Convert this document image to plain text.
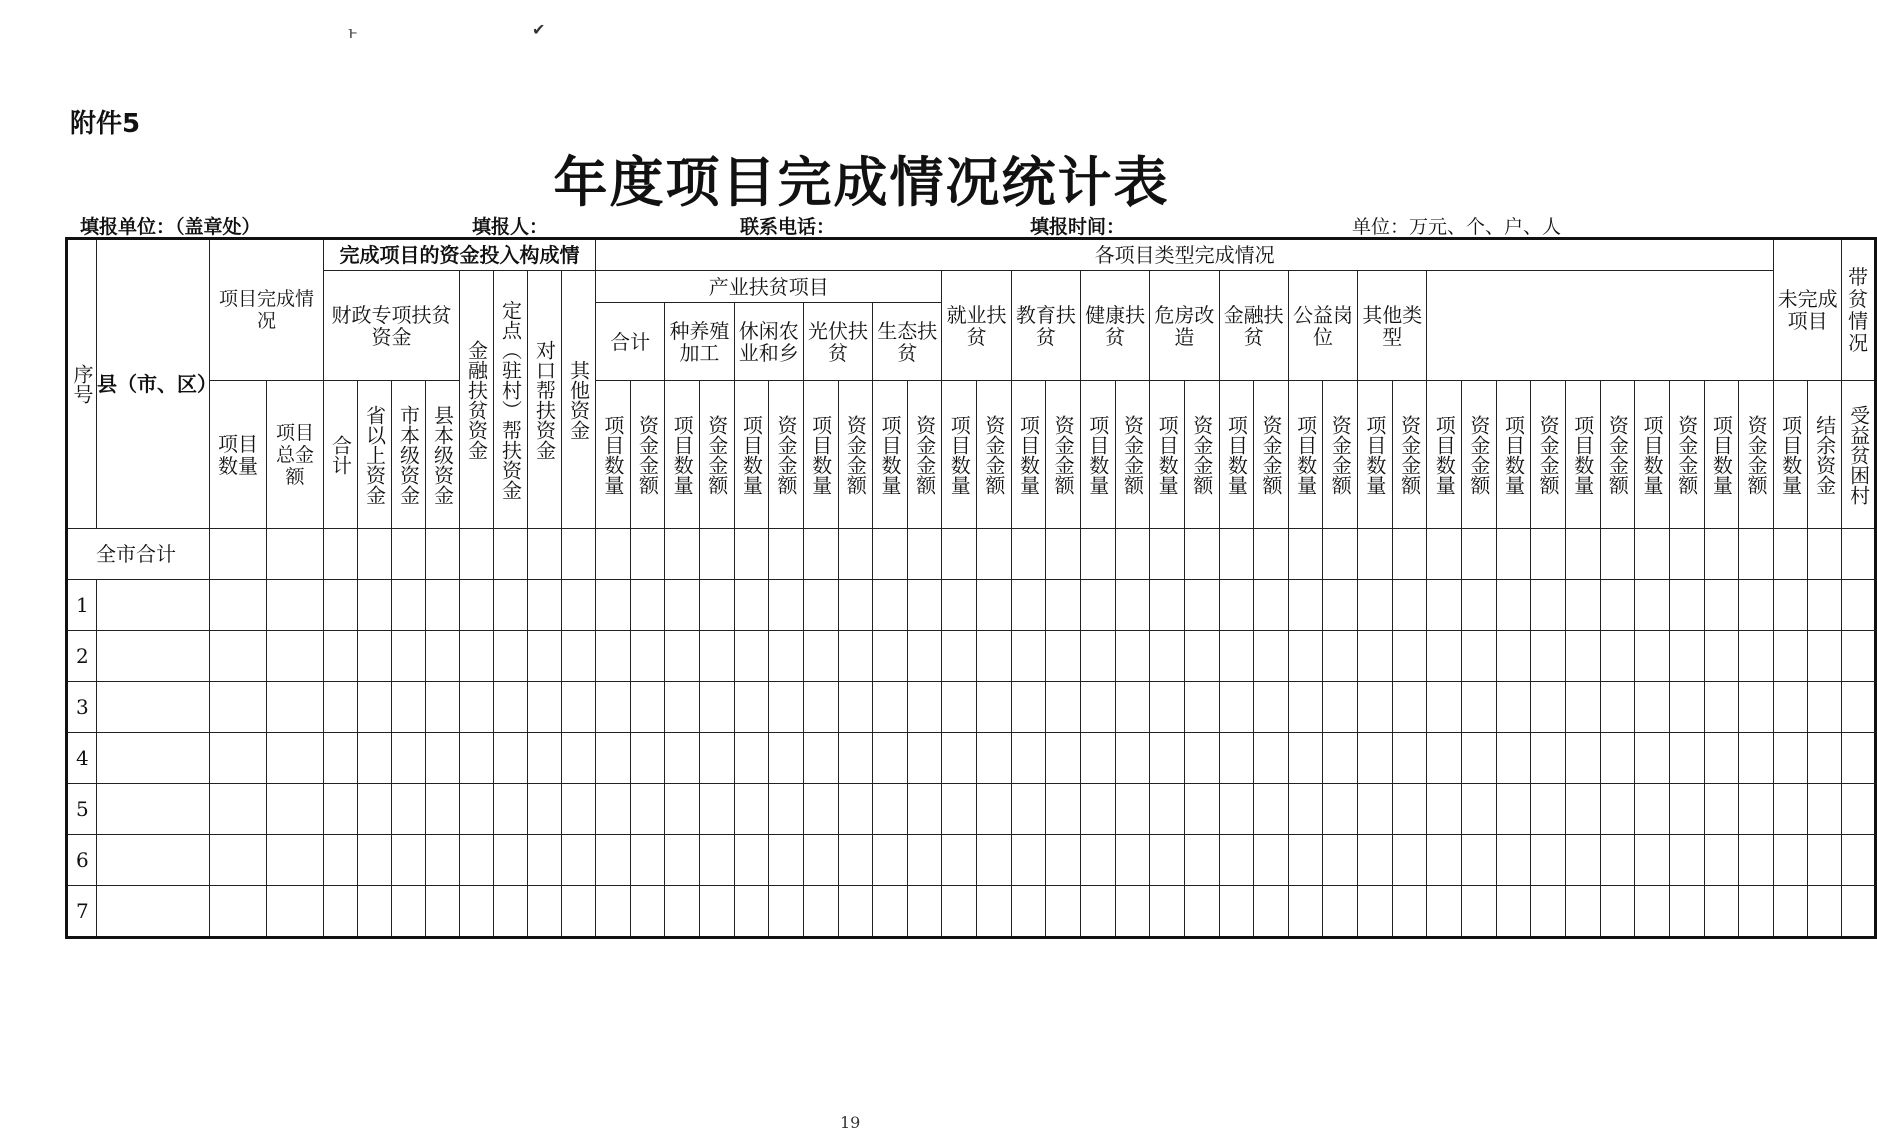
附件5
年度项目完成情况统计表
填报单位：（盖章处）	填报人：	联系电话：	填报时间：	单位：万元、个、户、人
序号	县（市、区）	项目完成情况		完成项目的资金投入构成情								各项目类型完成情况																																		未完成项目		带贫情况	
				财政专项扶贫资金				金融扶贫资金	定点（驻村）帮扶资金	对口帮扶资金	其他资金	产业扶贫项目										就业扶贫		教育扶贫		健康扶贫		危房改造		金融扶贫		公益岗位		其他类型															
												合计		种养殖加工		休闲农业和乡		光伏扶贫		生态扶贫																													
		项目数量	项目总金额	合计	省以上资金	市本级资金	县本级资金					项目数量	资金金额	项目数量	资金金额	项目数量	资金金额	项目数量	资金金额	项目数量	资金金额	项目数量	资金金额	项目数量	资金金额	项目数量	资金金额	项目数量	资金金额	项目数量	资金金额	项目数量	资金金额	项目数量	资金金额	项目数量	资金金额	项目数量	资金金额	项目数量	资金金额	项目数量	资金金额	项目数量	资金金额	项目数量	结余资金	受益贫困村

全市合计																																																	
1																																																	
2																																																	
3																																																	
4																																																	
5																																																	
6																																																	
7																																																	
19
ͱ	✔
